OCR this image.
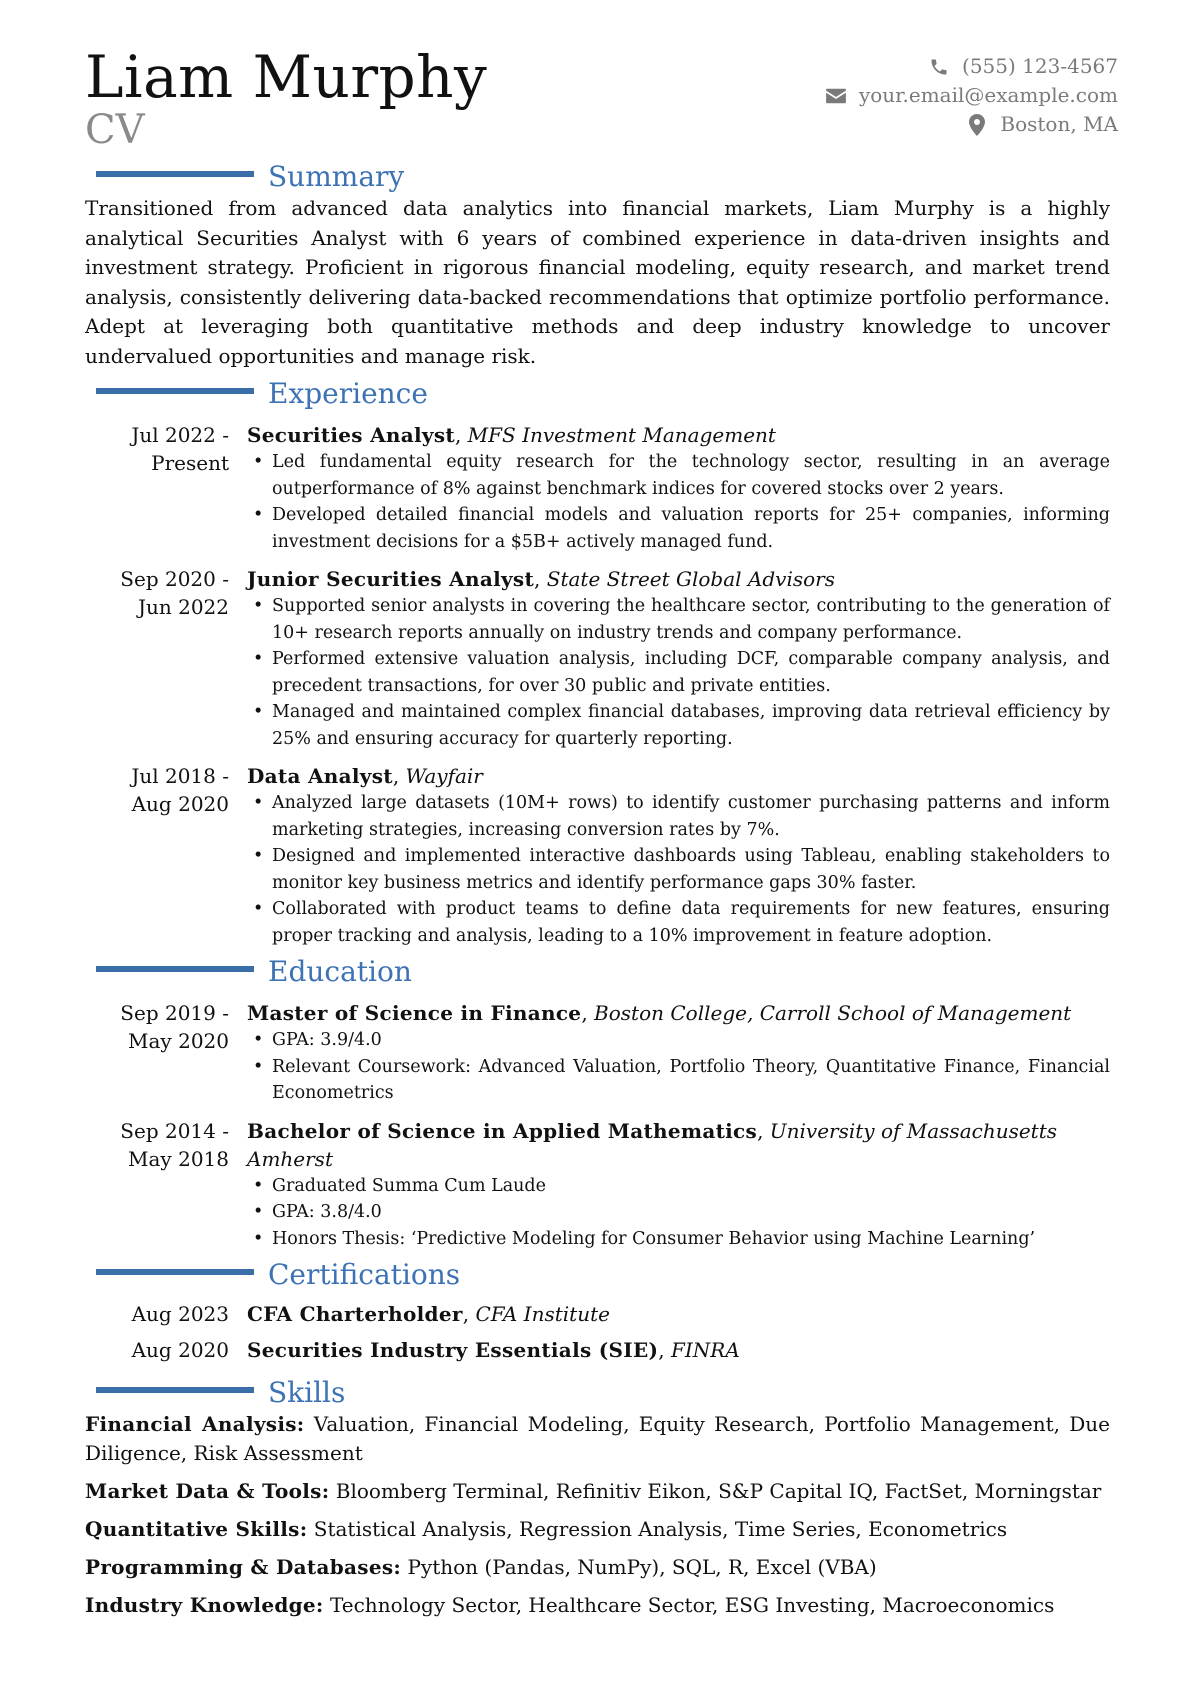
Liam Murphy
CV
(555) 123-4567
your.email@example.com
Boston, MA
Summary

Transitioned from advanced data analytics into financial markets, Liam Murphy is a highly analytical Securities Analyst with 6 years of combined experience in data-driven insights and investment strategy. Proficient in rigorous financial modeling, equity research, and market trend analysis, consistently delivering data-backed recommendations that optimize portfolio performance. Adept at leveraging both quantitative methods and deep industry knowledge to uncover undervalued opportunities and manage risk.

Experience
Jul 2022 - Present
Securities Analyst, MFS Investment Management
• Led fundamental equity research for the technology sector, resulting in an average outperformance of 8% against benchmark indices for covered stocks over 2 years.
• Developed detailed financial models and valuation reports for 25+ companies, informing investment decisions for a $5B+ actively managed fund.
Sep 2020 - Jun 2022
Junior Securities Analyst, State Street Global Advisors
• Supported senior analysts in covering the healthcare sector, contributing to the generation of 10+ research reports annually on industry trends and company performance.
• Performed extensive valuation analysis, including DCF, comparable company analysis, and precedent transactions, for over 30 public and private entities.
• Managed and maintained complex financial databases, improving data retrieval efficiency by 25% and ensuring accuracy for quarterly reporting.
Jul 2018 - Aug 2020
Data Analyst, Wayfair
• Analyzed large datasets (10M+ rows) to identify customer purchasing patterns and inform marketing strategies, increasing conversion rates by 7%.
• Designed and implemented interactive dashboards using Tableau, enabling stakeholders to monitor key business metrics and identify performance gaps 30% faster.
• Collaborated with product teams to define data requirements for new features, ensuring proper tracking and analysis, leading to a 10% improvement in feature adoption.
Education
Sep 2019 - May 2020
Master of Science in Finance, Boston College, Carroll School of Management
• GPA: 3.9/4.0
• Relevant Coursework: Advanced Valuation, Portfolio Theory, Quantitative Finance, Financial Econometrics
Sep 2014 - May 2018
Bachelor of Science in Applied Mathematics, University of Massachusetts Amherst
• Graduated Summa Cum Laude
• GPA: 3.8/4.0
• Honors Thesis: ‘Predictive Modeling for Consumer Behavior using Machine Learning’
Certifications
Aug 2023 CFA Charterholder, CFA Institute
Aug 2020 Securities Industry Essentials (SIE), FINRA
Skills
Financial Analysis: Valuation, Financial Modeling, Equity Research, Portfolio Management, Due Diligence, Risk Assessment
Market Data & Tools: Bloomberg Terminal, Refinitiv Eikon, S&P Capital IQ, FactSet, Morningstar
Quantitative Skills: Statistical Analysis, Regression Analysis, Time Series, Econometrics
Programming & Databases: Python (Pandas, NumPy), SQL, R, Excel (VBA)
Industry Knowledge: Technology Sector, Healthcare Sector, ESG Investing, Macroeconomics
